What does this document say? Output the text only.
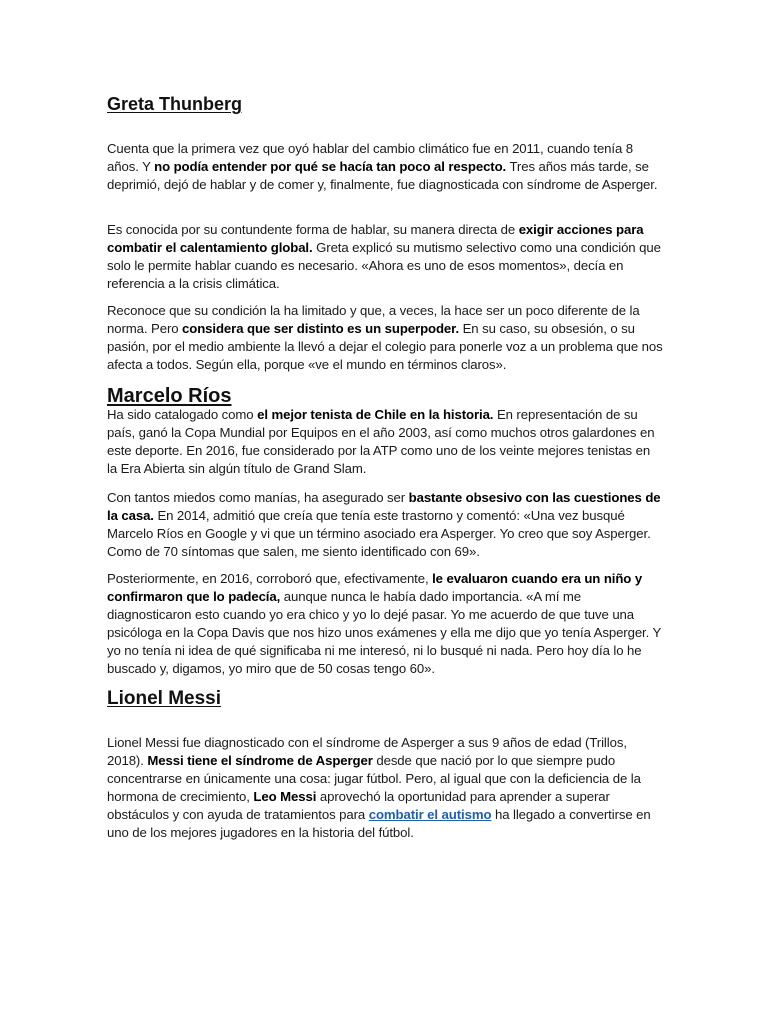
Greta Thunberg

Cuenta que la primera vez que oyó hablar del cambio climático fue en 2011, cuando tenía 8 años. Y no podía entender por qué se hacía tan poco al respecto. Tres años más tarde, se deprimió, dejó de hablar y de comer y, finalmente, fue diagnosticada con síndrome de Asperger.

Es conocida por su contundente forma de hablar, su manera directa de exigir acciones para combatir el calentamiento global. Greta explicó su mutismo selectivo como una condición que solo le permite hablar cuando es necesario. «Ahora es uno de esos momentos», decía en referencia a la crisis climática.

Reconoce que su condición la ha limitado y que, a veces, la hace ser un poco diferente de la norma. Pero considera que ser distinto es un superpoder. En su caso, su obsesión, o su pasión, por el medio ambiente la llevó a dejar el colegio para ponerle voz a un problema que nos afecta a todos. Según ella, porque «ve el mundo en términos claros».

Marcelo Ríos

Ha sido catalogado como el mejor tenista de Chile en la historia. En representación de su país, ganó la Copa Mundial por Equipos en el año 2003, así como muchos otros galardones en este deporte. En 2016, fue considerado por la ATP como uno de los veinte mejores tenistas en la Era Abierta sin algún título de Grand Slam.

Con tantos miedos como manías, ha asegurado ser bastante obsesivo con las cuestiones de la casa. En 2014, admitió que creía que tenía este trastorno y comentó: «Una vez busqué Marcelo Ríos en Google y vi que un término asociado era Asperger. Yo creo que soy Asperger. Como de 70 síntomas que salen, me siento identificado con 69».

Posteriormente, en 2016, corroboró que, efectivamente, le evaluaron cuando era un niño y confirmaron que lo padecía, aunque nunca le había dado importancia. «A mí me diagnosticaron esto cuando yo era chico y yo lo dejé pasar. Yo me acuerdo de que tuve una psicóloga en la Copa Davis que nos hizo unos exámenes y ella me dijo que yo tenía Asperger. Y yo no tenía ni idea de qué significaba ni me interesó, ni lo busqué ni nada. Pero hoy día lo he buscado y, digamos, yo miro que de 50 cosas tengo 60».

Lionel Messi

Lionel Messi fue diagnosticado con el síndrome de Asperger a sus 9 años de edad (Trillos, 2018). Messi tiene el síndrome de Asperger desde que nació por lo que siempre pudo concentrarse en únicamente una cosa: jugar fútbol. Pero, al igual que con la deficiencia de la hormona de crecimiento, Leo Messi aprovechó la oportunidad para aprender a superar obstáculos y con ayuda de tratamientos para combatir el autismo ha llegado a convertirse en uno de los mejores jugadores en la historia del fútbol.
